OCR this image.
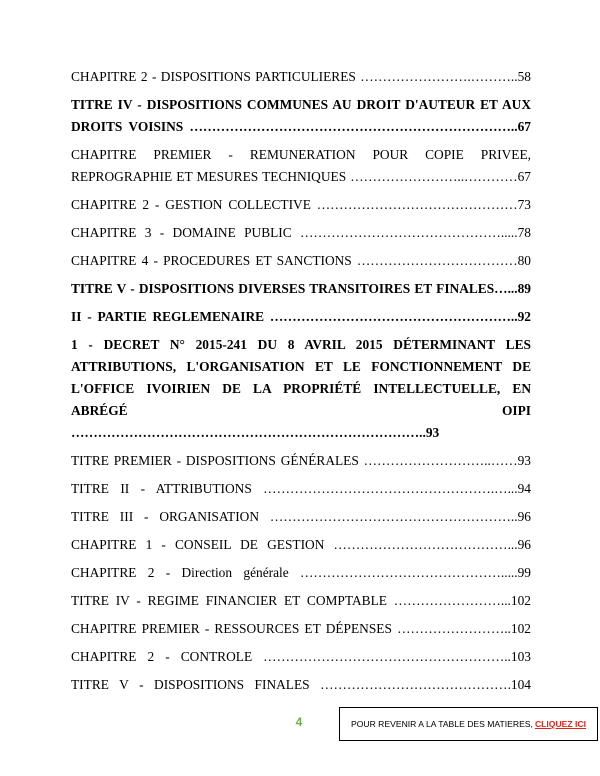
CHAPITRE 2 - DISPOSITIONS PARTICULIERES …………………….………..58

TITRE IV - DISPOSITIONS COMMUNES AU DROIT D'AUTEUR ET AUX DROITS VOISINS ………………………………………………………………..67

CHAPITRE PREMIER - REMUNERATION POUR COPIE PRIVEE, REPROGRAPHIE ET MESURES TECHNIQUES ……………………..…………67

CHAPITRE 2 - GESTION COLLECTIVE ………………………………………73

CHAPITRE 3 - DOMAINE PUBLIC ……………………………………….....78

CHAPITRE 4 - PROCEDURES ET SANCTIONS ………………………………80

TITRE V - DISPOSITIONS DIVERSES TRANSITOIRES ET FINALES…...89

II - PARTIE REGLEMENAIRE ………………………………………………..92

1 - DECRET N° 2015-241 DU 8 AVRIL 2015 DÉTERMINANT LES ATTRIBUTIONS, L'ORGANISATION ET LE FONCTIONNEMENT DE L'OFFICE IVOIRIEN DE LA PROPRIÉTÉ INTELLECTUELLE, EN ABRÉGÉ OIPI ……………………………………………………………………..93

TITRE PREMIER - DISPOSITIONS GÉNÉRALES ………………………..……93

TITRE II - ATTRIBUTIONS …………………………………………….…...94

TITRE III - ORGANISATION ………………………………………………..96

CHAPITRE 1 - CONSEIL DE GESTION …………………………………...96

CHAPITRE 2 - Direction générale ……………………………………….....99

TITRE IV - REGIME FINANCIER ET COMPTABLE ……………………...102

CHAPITRE PREMIER - RESSOURCES ET DÉPENSES ……………………..102

CHAPITRE 2 - CONTROLE ………………………………………………..103

TITRE V - DISPOSITIONS FINALES …………………………………….104

4	POUR REVENIR A LA TABLE DES MATIERES, CLIQUEZ ICI
